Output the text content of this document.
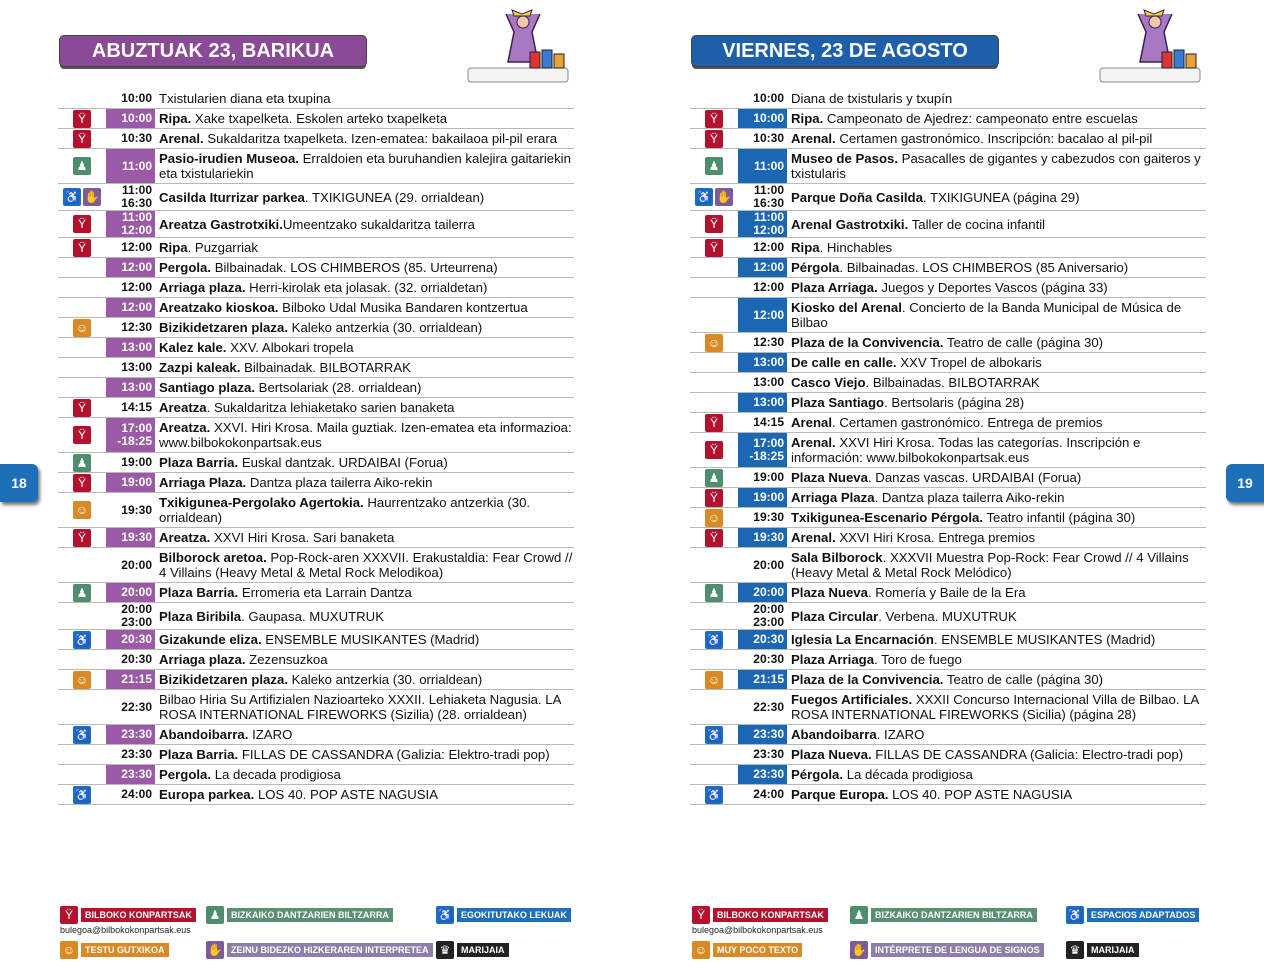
18	19
ABUZTUAK 23, BARIKUA
10:00 Txistularien diana eta txupina
Ÿ	10:00 Ripa. Xake txapelketa. Eskolen arteko txapelketa
Ÿ	10:30 Arenal. Sukaldaritza txapelketa. Izen-ematea: bakailaoa pil-pil erara
♟	11:00 Pasio-irudien Museoa. Erraldoien eta buruhandien kalejira gaitariekin eta txistulariekin
♿ ✋	11:00
16:30 Casilda Iturrizar parkea. TXIKIGUNEA (29. orrialdean)
Ÿ	11:00
12:00 Areatza Gastrotxiki.Umeentzako sukaldaritza tailerra
Ÿ	12:00 Ripa. Puzgarriak
12:00 Pergola. Bilbainadak. LOS CHIMBEROS (85. Urteurrena)
12:00 Arriaga plaza. Herri-kirolak eta jolasak. (32. orrialdetan)
12:00 Areatzako kioskoa. Bilboko Udal Musika Bandaren kontzertua
☺	12:30 Bizikidetzaren plaza. Kaleko antzerkia (30. orrialdean)
13:00 Kalez kale. XXV. Albokari tropela
13:00 Zazpi kaleak. Bilbainadak. BILBOTARRAK
13:00 Santiago plaza. Bertsolariak (28. orrialdean)
Ÿ	14:15 Areatza. Sukaldaritza lehiaketako sarien banaketa
Ÿ	17:00
-18:25
Areatza. XXVI. Hiri Krosa. Maila guztiak. Izen-ematea eta informazioa: www.bilbokokonpartsak.eus
♟	19:00 Plaza Barria. Euskal dantzak. URDAIBAI (Forua)
Ÿ	19:00 Arriaga Plaza. Dantza plaza tailerra Aiko-rekin
☺	19:30 Txikigunea-Pergolako Agertokia. Haurrentzako antzerkia (30. orrialdean)
Ÿ	19:30 Areatza. XXVI Hiri Krosa. Sari banaketa
20:00 Bilborock aretoa. Pop-Rock-aren XXXVII. Erakustaldia: Fear Crowd // 4 Villains (Heavy Metal & Metal Rock Melodikoa)
♟	20:00 Plaza Barria. Erromeria eta Larrain Dantza
20:00
23:00 Plaza Biribila. Gaupasa. MUXUTRUK
♿	20:30 Gizakunde eliza. ENSEMBLE MUSIKANTES (Madrid)
20:30 Arriaga plaza. Zezensuzkoa
☺	21:15 Bizikidetzaren plaza. Kaleko antzerkia (30. orrialdean)
22:30 Bilbao Hiria Su Artifizialen Nazioarteko XXXII. Lehiaketa Nagusia. LA ROSA INTERNATIONAL FIREWORKS (Sizilia) (28. orrialdean)
♿	23:30 Abandoibarra. IZARO
23:30 Plaza Barria. FILLAS DE CASSANDRA (Galizia: Elektro-tradi pop)
23:30 Pergola. La decada prodigiosa
♿	24:00 Europa parkea. LOS 40. POP ASTE NAGUSIA
Ÿ	BILBOKO KONPARTSAK
bulegoa@bilbokokonpartsak.eus
♟	BIZKAIKO DANTZARIEN BILTZARRA	♿ EGOKITUTAKO LEKUAK
☺	TESTU GUTXIKOA	✋ ZEINU BIDEZKO HIZKERAREN INTERPRETEA ♛	MARIJAIA
VIERNES, 23 DE AGOSTO
10:00 Diana de txistularis y txupín
Ÿ	10:00 Ripa. Campeonato de Ajedrez: campeonato entre escuelas
Ÿ	10:30 Arenal. Certamen gastronómico. Inscripción: bacalao al pil-pil
♟	11:00 Museo de Pasos. Pasacalles de gigantes y cabezudos con gaiteros y txistularis
♿ ✋	11:00
16:30 Parque Doña Casilda. TXIKIGUNEA (página 29)
Ÿ	11:00
12:00 Arenal Gastrotxiki. Taller de cocina infantil
Ÿ	12:00 Ripa. Hinchables
12:00 Pérgola. Bilbainadas. LOS CHIMBEROS (85 Aniversario)
12:00 Plaza Arriaga. Juegos y Deportes Vascos (página 33)
12:00 Kiosko del Arenal. Concierto de la Banda Municipal de Música de Bilbao
☺	12:30 Plaza de la Convivencia. Teatro de calle (página 30)
13:00 De calle en calle. XXV Tropel de albokaris
13:00 Casco Viejo. Bilbainadas. BILBOTARRAK
13:00 Plaza Santiago. Bertsolaris (página 28)
Ÿ	14:15 Arenal. Certamen gastronómico. Entrega de premios
Ÿ	17:00
-18:25
Arenal. XXVI Hiri Krosa. Todas las categorías. Inscripción e información: www.bilbokokonpartsak.eus
♟	19:00 Plaza Nueva. Danzas vascas. URDAIBAI (Forua)
Ÿ	19:00 Arriaga Plaza. Dantza plaza tailerra Aiko-rekin
☺	19:30 Txikigunea-Escenario Pérgola. Teatro infantil (página 30)
Ÿ	19:30 Arenal. XXVI Hiri Krosa. Entrega premios
20:00 Sala Bilborock. XXXVII Muestra Pop-Rock: Fear Crowd // 4 Villains (Heavy Metal & Metal Rock Melódico)
♟	20:00 Plaza Nueva. Romería y Baile de la Era
20:00
23:00 Plaza Circular. Verbena. MUXUTRUK
♿	20:30 Iglesia La Encarnación. ENSEMBLE MUSIKANTES (Madrid)
20:30 Plaza Arriaga. Toro de fuego
☺	21:15 Plaza de la Convivencia. Teatro de calle (página 30)
22:30 Fuegos Artificiales. XXXII Concurso Internacional Villa de Bilbao. LA ROSA INTERNATIONAL FIREWORKS (Sicilia) (página 28)
♿	23:30 Abandoibarra. IZARO
23:30 Plaza Nueva. FILLAS DE CASSANDRA (Galicia: Electro-tradi pop)
23:30 Pérgola. La década prodigiosa
♿	24:00 Parque Europa. LOS 40. POP ASTE NAGUSIA
Ÿ	BILBOKO KONPARTSAK
bulegoa@bilbokokonpartsak.eus
♟	BIZKAIKO DANTZARIEN BILTZARRA	♿ ESPACIOS ADAPTADOS
☺	MUY POCO TEXTO	✋ INTÉRPRETE DE LENGUA DE SIGNOS	♛	MARIJAIA
